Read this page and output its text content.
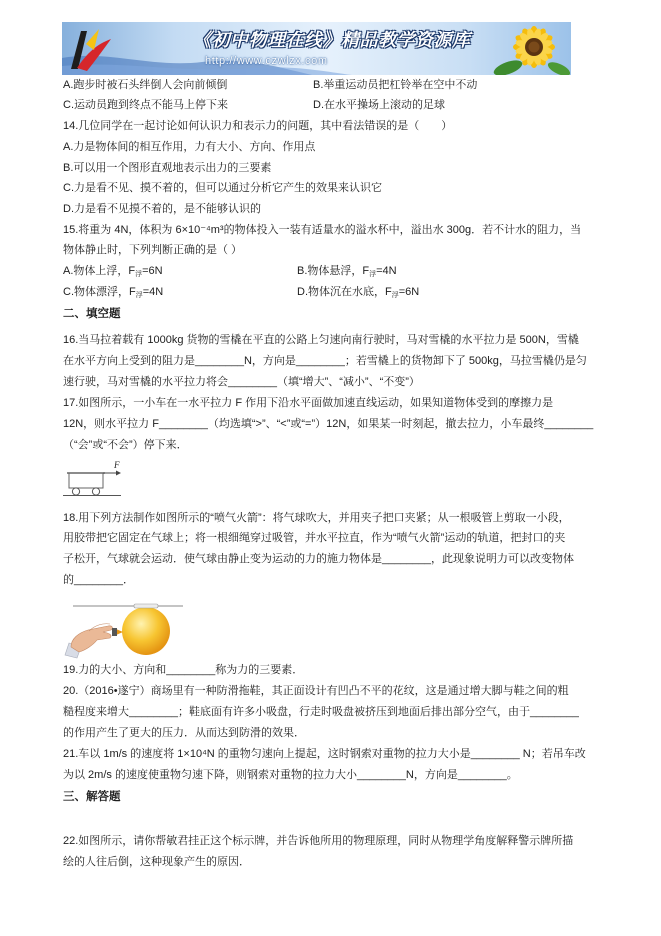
《初中物理在线》精品教学资源库
http://www.czwlzx.com
A.跑步时被石头绊倒人会向前倾倒	B.举重运动员把杠铃举在空中不动
C.运动员跑到终点不能马上停下来	D.在水平操场上滚动的足球
14.几位同学在一起讨论如何认识力和表示力的问题，其中看法错误的是（　　）
A.力是物体间的相互作用，力有大小、方向、作用点
B.可以用一个图形直观地表示出力的三要素
C.力是看不见、摸不着的，但可以通过分析它产生的效果来认识它
D.力是看不见摸不着的，是不能够认识的
15.将重为 4N，体积为 6×10⁻⁴m³的物体投入一装有适量水的溢水杯中，溢出水 300g．若不计水的阻力，当
物体静止时，下列判断正确的是（ ）
A.物体上浮，$F_浮=6N$	B.物体悬浮，$F_浮=4N$
C.物体漂浮，$F_浮=4N$	D.物体沉在水底，$F_浮=6N$
二、填空题
16.当马拉着载有 1000kg 货物的雪橇在平直的公路上匀速向南行驶时，马对雪橇的水平拉力是 500N，雪橇
在水平方向上受到的阻力是________N，方向是________；若雪橇上的货物卸下了 500kg，马拉雪橇仍是匀
速行驶，马对雪橇的水平拉力将会________（填“增大”、“减小”、“不变”）
17.如图所示，一小车在一水平拉力 F 作用下沿水平面做加速直线运动，如果知道物体受到的摩擦力是
12N，则水平拉力 F________（均选填“>”、“<”或“=”）12N，如果某一时刻起，撤去拉力，小车最终________
（“会”或“不会”）停下来．
F
18.用下列方法制作如图所示的“喷气火箭”：将气球吹大，并用夹子把口夹紧；从一根吸管上剪取一小段，
用胶带把它固定在气球上；将一根细绳穿过吸管，并水平拉直，作为“喷气火箭”运动的轨道，把封口的夹
子松开，气球就会运动．使气球由静止变为运动的力的施力物体是________，此现象说明力可以改变物体
的________．
19.力的大小、方向和________称为力的三要素．
20.（2016•遂宁）商场里有一种防滑拖鞋，其正面设计有凹凸不平的花纹，这是通过增大脚与鞋之间的粗
糙程度来增大________；鞋底面有许多小吸盘，行走时吸盘被挤压到地面后排出部分空气，由于________
的作用产生了更大的压力．从而达到防滑的效果．
21.车以 1m/s 的速度将 1×10⁴N 的重物匀速向上提起，这时钢索对重物的拉力大小是________ N；若吊车改
为以 2m/s 的速度使重物匀速下降，则钢索对重物的拉力大小________N，方向是________。
三、解答题
22.如图所示，请你帮敏君挂正这个标示牌，并告诉他所用的物理原理，同时从物理学角度解释警示牌所描
绘的人往后倒，这种现象产生的原因．
